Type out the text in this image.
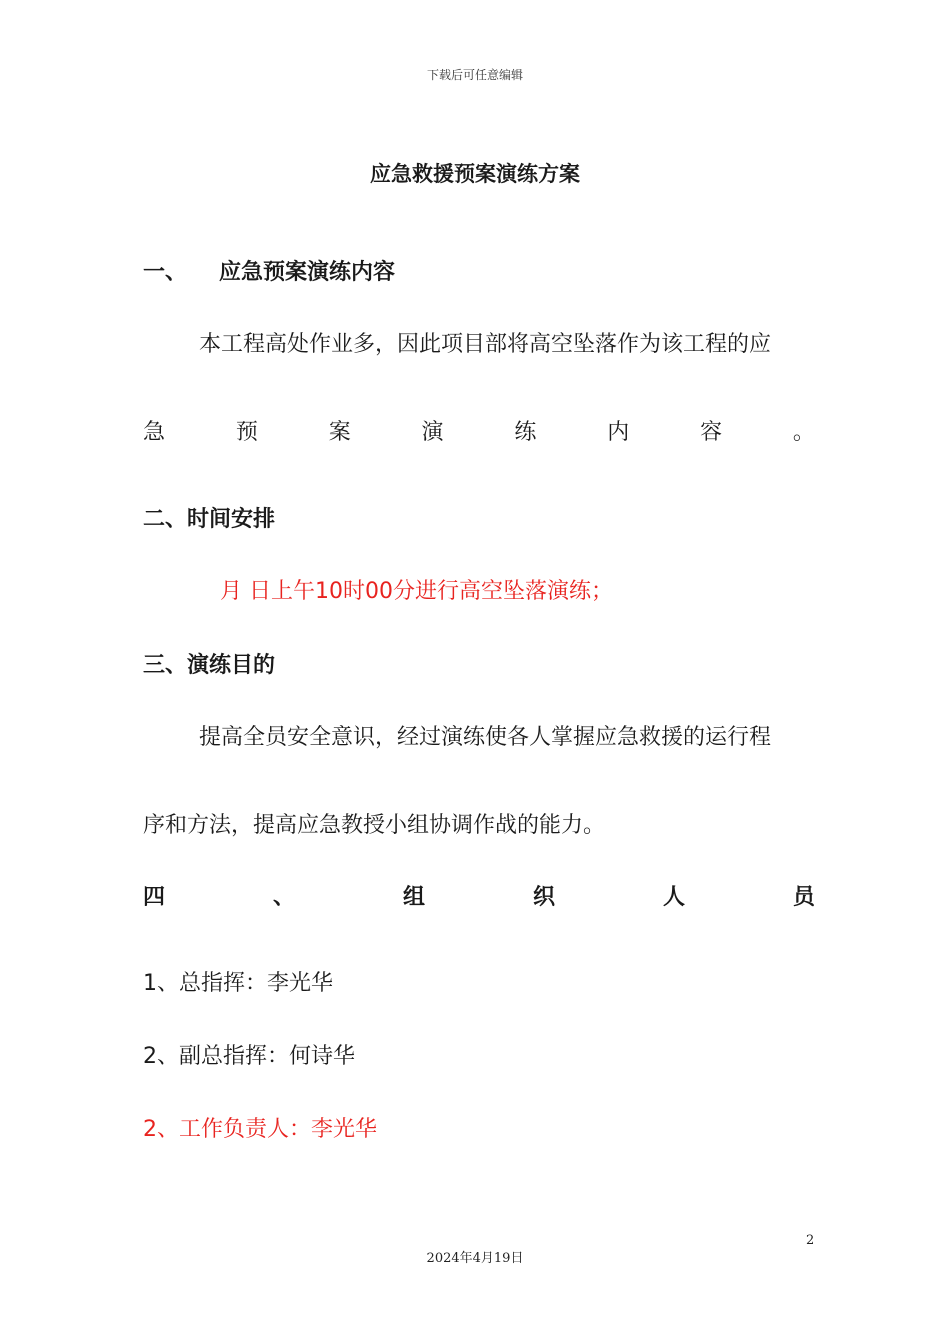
下载后可任意编辑
应急救援预案演练方案
一、 应急预案演练内容
本工程高处作业多，因此项目部将高空坠落作为该工程的应
急	预	案	演	练	内	容	。
二、时间安排
月 日上午10时00分进行高空坠落演练；
三、演练目的
提高全员安全意识，经过演练使各人掌握应急救援的运行程
序和方法，提高应急教授小组协调作战的能力。
四	、	组	织	人	员
1、总指挥：李光华
2、副总指挥：何诗华
2、工作负责人：李光华
2
2024年4月19日
